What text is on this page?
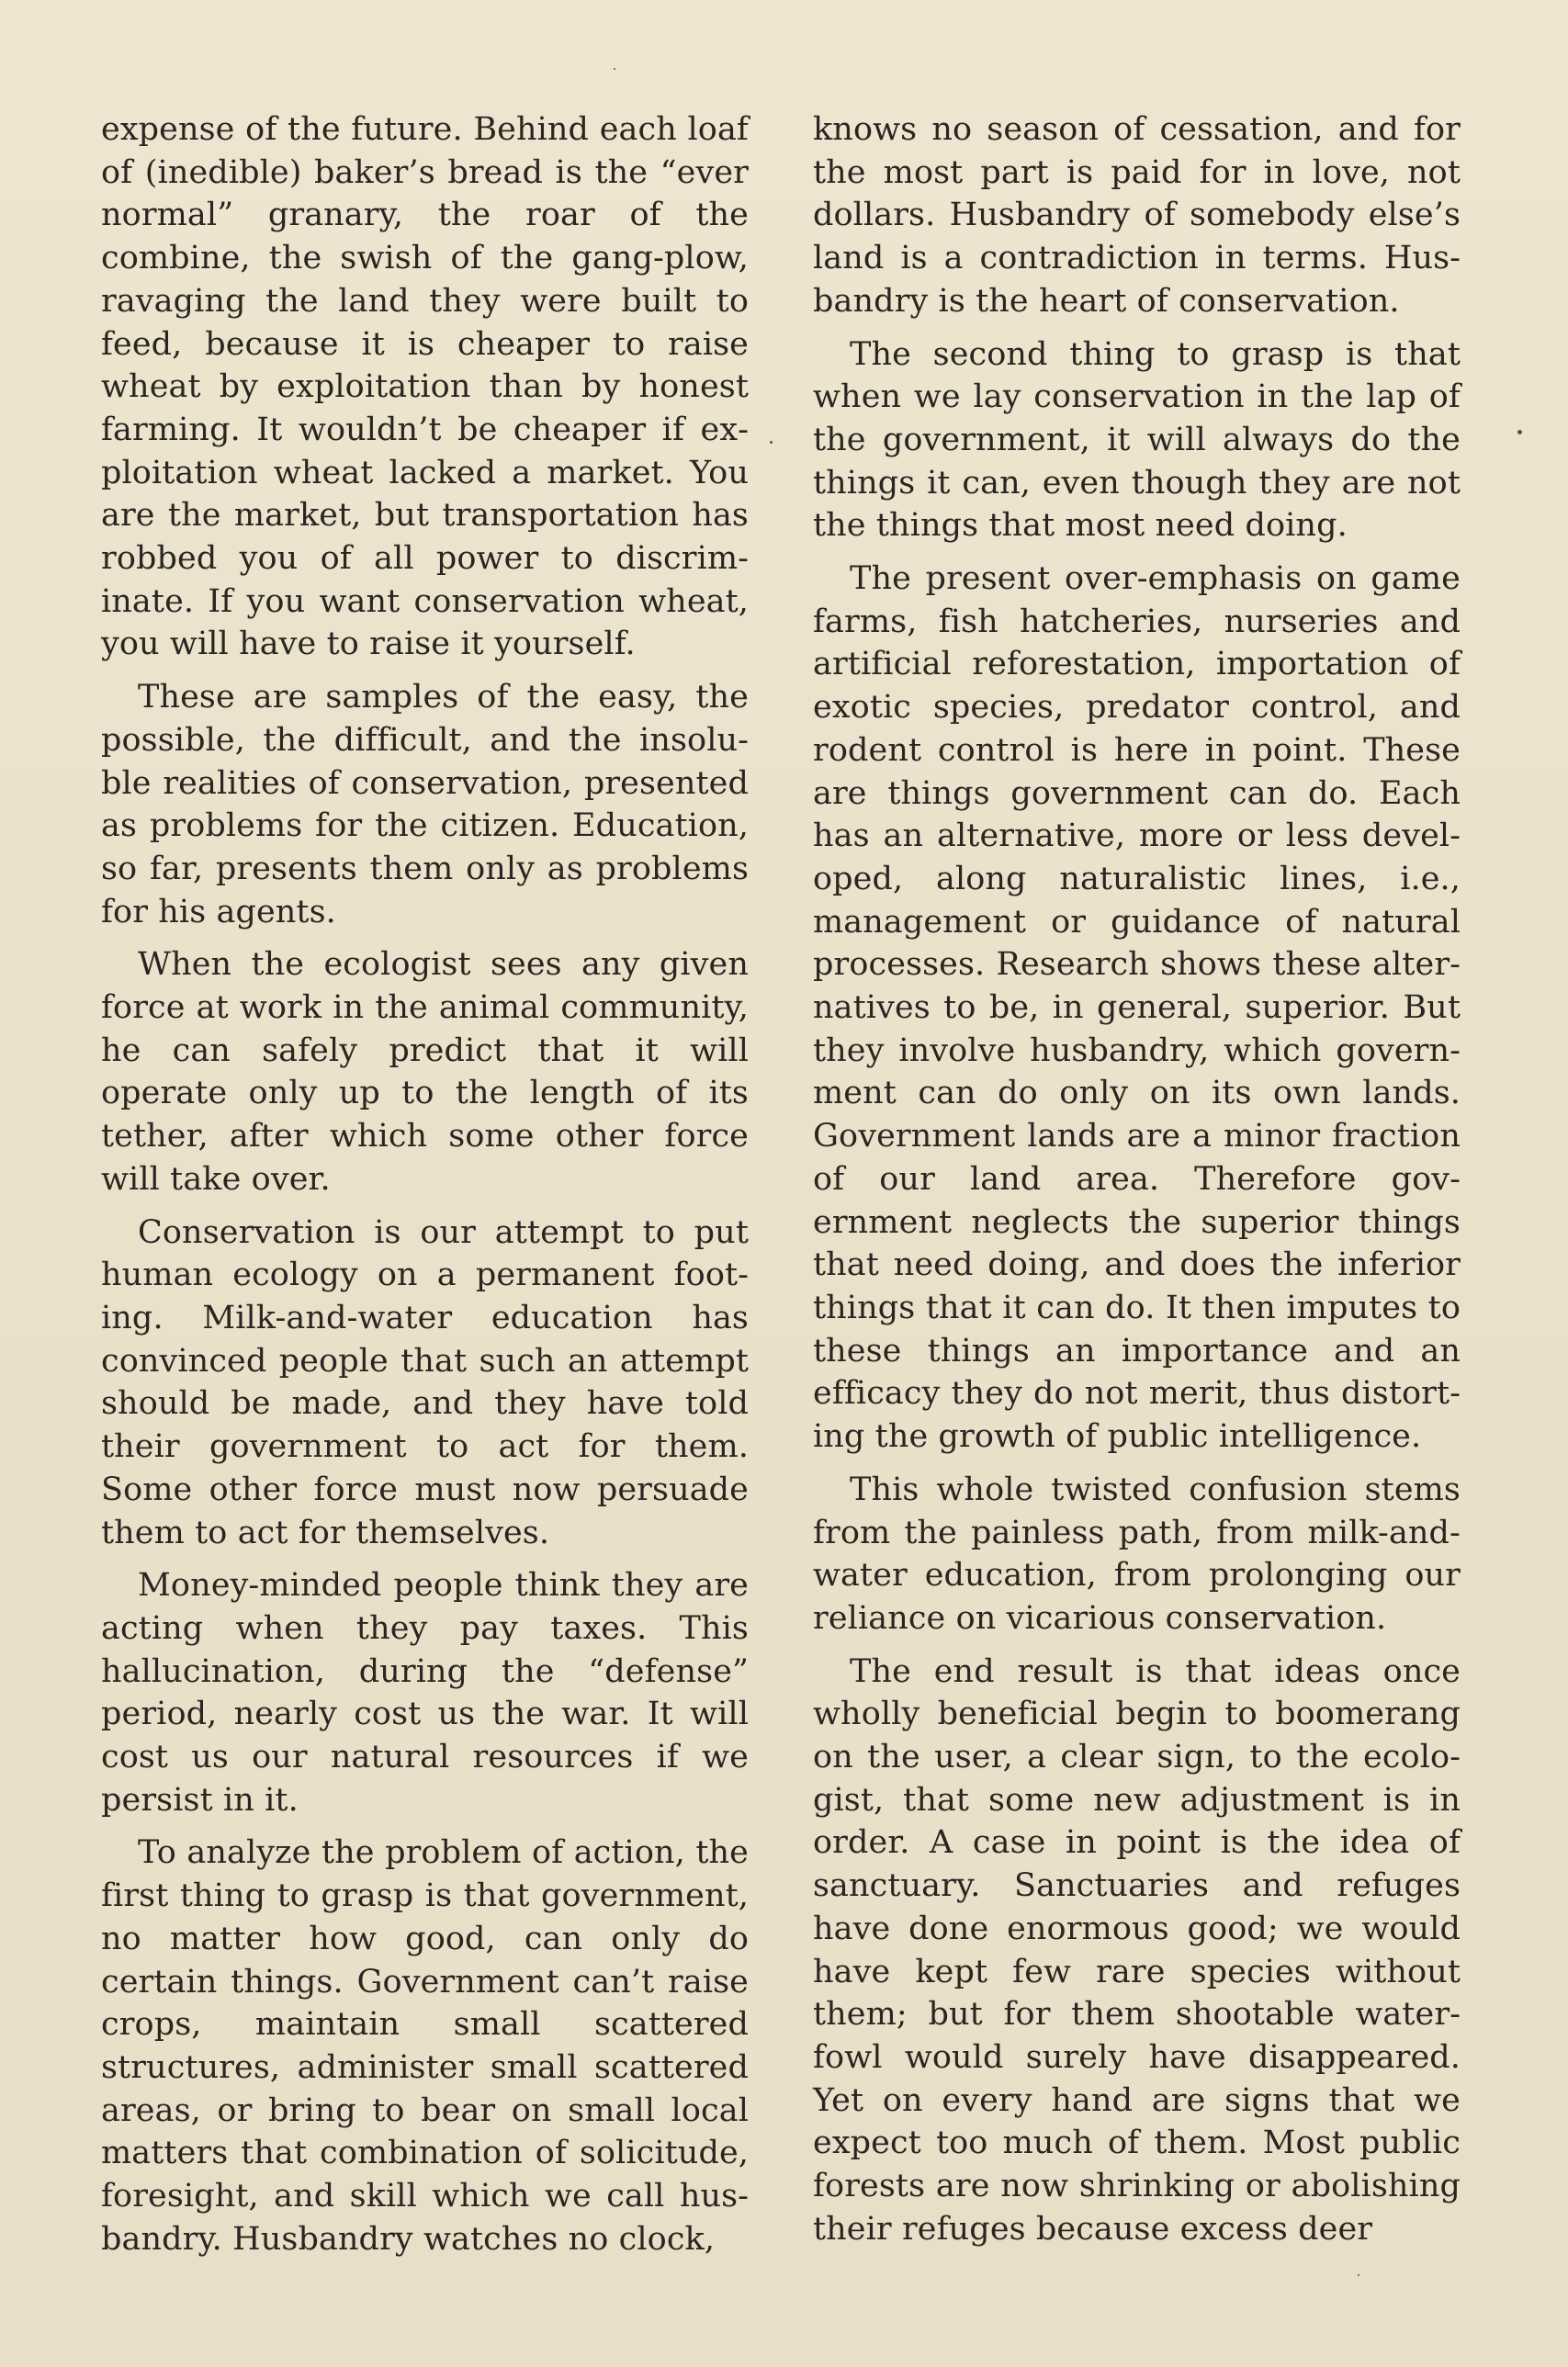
expense of the future. Behind each loaf of (inedible) baker’s bread is the “ever normal” granary, the roar of the combine, the swish of the gang-plow, ravaging the land they were built to feed, because it is cheaper to raise wheat by exploitation than by honest farming. It wouldn’t be cheaper if exploitation wheat lacked a market. You are the market, but transportation has robbed you of all power to discriminate. If you want conservation wheat, you will have to raise it yourself.

These are samples of the easy, the possible, the difficult, and the insoluble realities of conservation, presented as problems for the citizen. Education, so far, presents them only as problems for his agents.

When the ecologist sees any given force at work in the animal community, he can safely predict that it will operate only up to the length of its tether, after which some other force will take over.

Conservation is our attempt to put human ecology on a permanent footing. Milk-and-water education has convinced people that such an attempt should be made, and they have told their government to act for them. Some other force must now persuade them to act for themselves.

Money-minded people think they are acting when they pay taxes. This hallucination, during the “defense” period, nearly cost us the war. It will cost us our natural resources if we persist in it.

To analyze the problem of action, the first thing to grasp is that government, no matter how good, can only do certain things. Government can’t raise crops, maintain small scattered structures, administer small scattered areas, or bring to bear on small local matters that combination of solicitude, foresight, and skill which we call husbandry. Husbandry watches no clock,

knows no season of cessation, and for the most part is paid for in love, not dollars. Husbandry of somebody else’s land is a contradiction in terms. Husbandry is the heart of conservation.

The second thing to grasp is that when we lay conservation in the lap of the government, it will always do the things it can, even though they are not the things that most need doing.

The present over-emphasis on game farms, fish hatcheries, nurseries and artificial reforestation, importation of exotic species, predator control, and rodent control is here in point. These are things government can do. Each has an alternative, more or less developed, along naturalistic lines, i.e., management or guidance of natural processes. Research shows these alternatives to be, in general, superior. But they involve husbandry, which government can do only on its own lands. Government lands are a minor fraction of our land area. Therefore government neglects the superior things that need doing, and does the inferior things that it can do. It then imputes to these things an importance and an efficacy they do not merit, thus distorting the growth of public intelligence.

This whole twisted confusion stems from the painless path, from milk-and-water education, from prolonging our reliance on vicarious conservation.

The end result is that ideas once wholly beneficial begin to boomerang on the user, a clear sign, to the ecologist, that some new adjustment is in order. A case in point is the idea of sanctuary. Sanctuaries and refuges have done enormous good; we would have kept few rare species without them; but for them shootable waterfowl would surely have disappeared. Yet on every hand are signs that we expect too much of them. Most public forests are now shrinking or abolishing their refuges because excess deer
